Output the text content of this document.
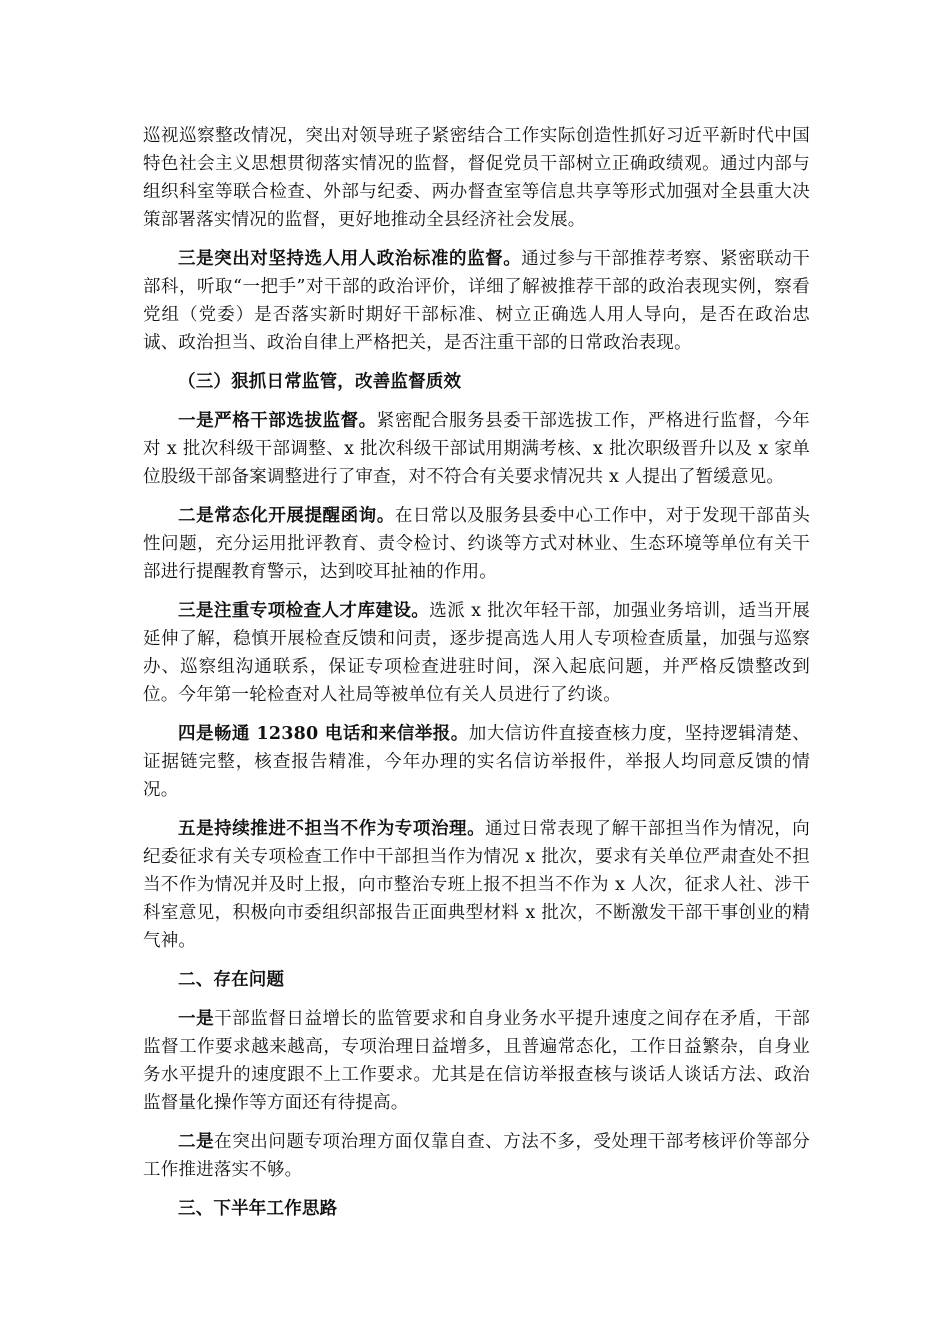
巡视巡察整改情况，突出对领导班子紧密结合工作实际创造性抓好习近平新时代中国特色社会主义思想贯彻落实情况的监督，督促党员干部树立正确政绩观。通过内部与组织科室等联合检查、外部与纪委、两办督查室等信息共享等形式加强对全县重大决策部署落实情况的监督，更好地推动全县经济社会发展。

三是突出对坚持选人用人政治标准的监督。通过参与干部推荐考察、紧密联动干部科，听取“一把手”对干部的政治评价，详细了解被推荐干部的政治表现实例，察看党组（党委）是否落实新时期好干部标准、树立正确选人用人导向，是否在政治忠诚、政治担当、政治自律上严格把关，是否注重干部的日常政治表现。

（三）狠抓日常监管，改善监督质效

一是严格干部选拔监督。紧密配合服务县委干部选拔工作，严格进行监督，今年对 x 批次科级干部调整、x 批次科级干部试用期满考核、x 批次职级晋升以及 x 家单位股级干部备案调整进行了审查，对不符合有关要求情况共 x 人提出了暂缓意见。

二是常态化开展提醒函询。在日常以及服务县委中心工作中，对于发现干部苗头性问题，充分运用批评教育、责令检讨、约谈等方式对林业、生态环境等单位有关干部进行提醒教育警示，达到咬耳扯袖的作用。

三是注重专项检查人才库建设。选派 x 批次年轻干部，加强业务培训，适当开展延伸了解，稳慎开展检查反馈和问责，逐步提高选人用人专项检查质量，加强与巡察办、巡察组沟通联系，保证专项检查进驻时间，深入起底问题，并严格反馈整改到位。今年第一轮检查对人社局等被单位有关人员进行了约谈。

四是畅通 12380 电话和来信举报。加大信访件直接查核力度，坚持逻辑清楚、证据链完整，核查报告精准，今年办理的实名信访举报件，举报人均同意反馈的情况。

五是持续推进不担当不作为专项治理。通过日常表现了解干部担当作为情况，向纪委征求有关专项检查工作中干部担当作为情况 x 批次，要求有关单位严肃查处不担当不作为情况并及时上报，向市整治专班上报不担当不作为 x 人次，征求人社、涉干科室意见，积极向市委组织部报告正面典型材料 x 批次，不断激发干部干事创业的精气神。

二、存在问题

一是干部监督日益增长的监管要求和自身业务水平提升速度之间存在矛盾，干部监督工作要求越来越高，专项治理日益增多，且普遍常态化，工作日益繁杂，自身业务水平提升的速度跟不上工作要求。尤其是在信访举报查核与谈话人谈话方法、政治监督量化操作等方面还有待提高。

二是在突出问题专项治理方面仅靠自查、方法不多，受处理干部考核评价等部分工作推进落实不够。

三、下半年工作思路
